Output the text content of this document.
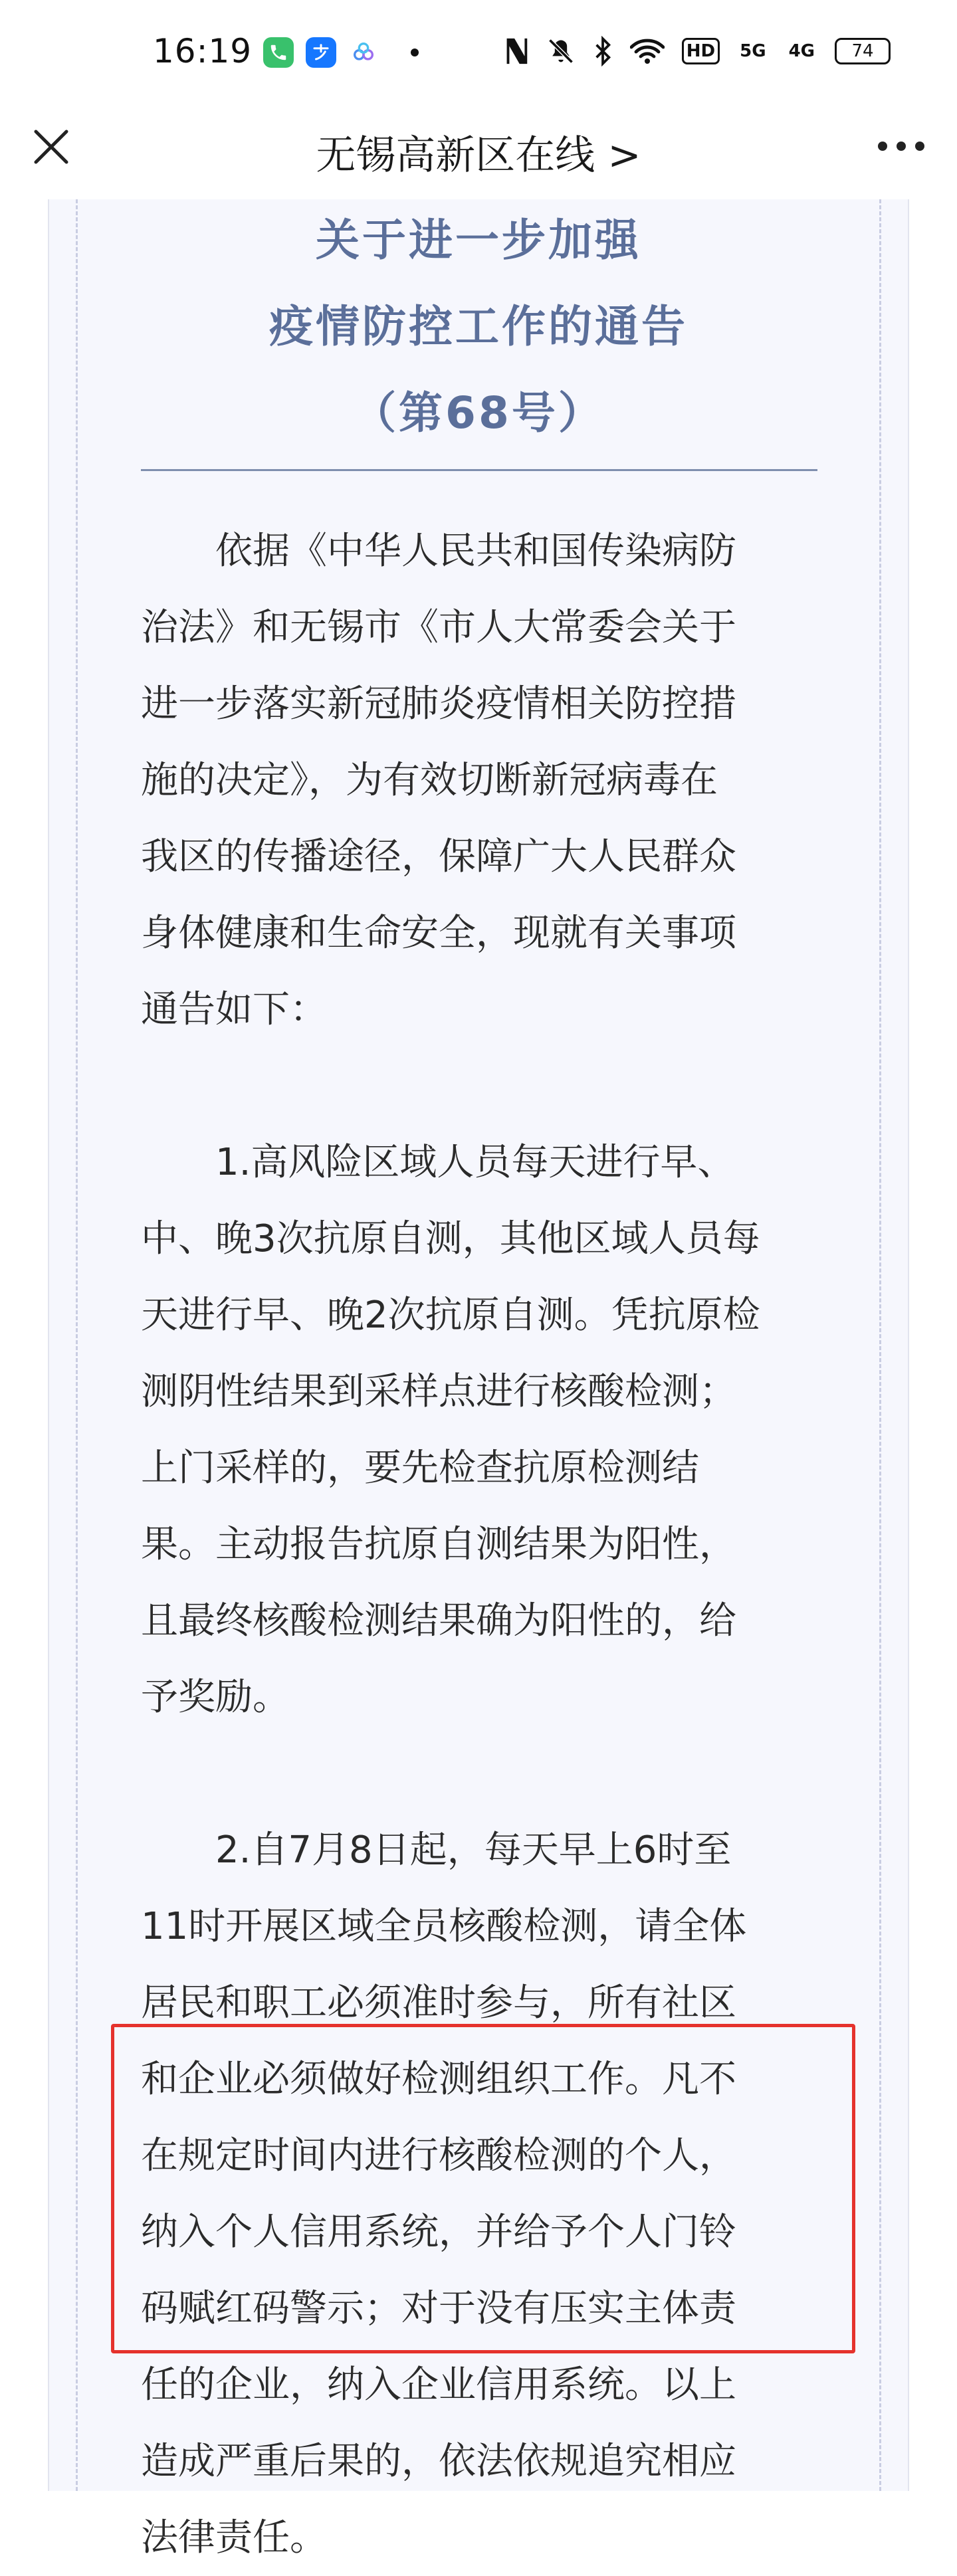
16:19	HD 5G 4G	74
无锡高新区在线 >
关于进一步加强
疫情防控工作的通告
（第68号）

　　依据《中华人民共和国传染病防

治法》和无锡市《市人大常委会关于

进一步落实新冠肺炎疫情相关防控措

施的决定》，为有效切断新冠病毒在

我区的传播途径，保障广大人民群众

身体健康和生命安全，现就有关事项

通告如下：

　　1.高风险区域人员每天进行早、

中、晚3次抗原自测，其他区域人员每

天进行早、晚2次抗原自测。凭抗原检

测阴性结果到采样点进行核酸检测；

上门采样的，要先检查抗原检测结

果。主动报告抗原自测结果为阳性，

且最终核酸检测结果确为阳性的，给

予奖励。

　　2.自7月8日起，每天早上6时至

11时开展区域全员核酸检测，请全体

居民和职工必须准时参与，所有社区

和企业必须做好检测组织工作。凡不

在规定时间内进行核酸检测的个人，

纳入个人信用系统，并给予个人门铃

码赋红码警示；对于没有压实主体责

任的企业，纳入企业信用系统。以上

造成严重后果的，依法依规追究相应

法律责任。
